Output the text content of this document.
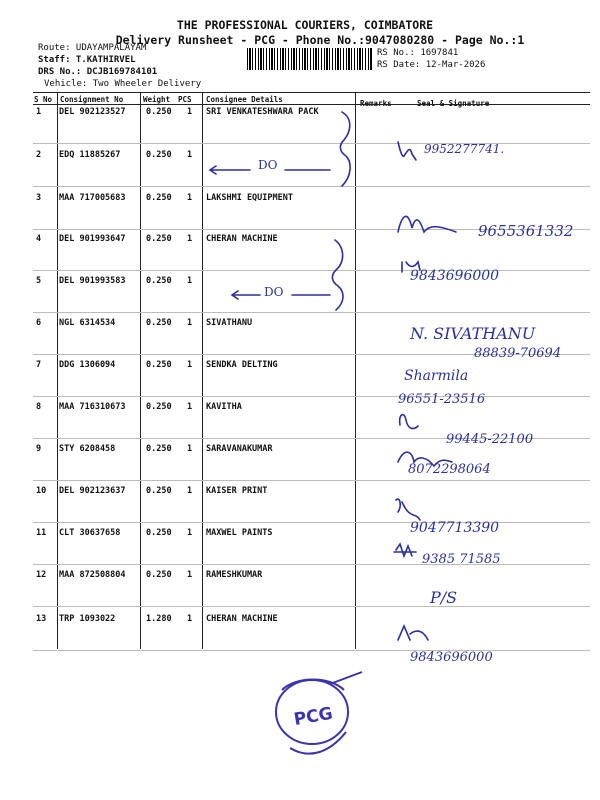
THE PROFESSIONAL COURIERS, COIMBATORE
Delivery Runsheet - PCG - Phone No.:9047080280 - Page No.:1
Route: UDAYAMPALAYAM
Staff: T.KATHIRVEL
DRS No.: DCJB169784101
Vehicle: Two Wheeler Delivery
RS No.: 1697841
RS Date: 12-Mar-2026
S No Consignment No	Weight PCS Consignee Details
1 DEL 902123527 0.250 1 SRI VENKATESHWARA PACK
2 EDQ 11885267	0.250 1
3 MAA 717005683 0.250 1 LAKSHMI EQUIPMENT
4 DEL 901993647 0.250 1 CHERAN MACHINE
5 DEL 901993583 0.250 1
6 NGL 6314534	0.250 1 SIVATHANU
7 DDG 1306094	0.250 1 SENDKA DELTING
8 MAA 716310673 0.250 1 KAVITHA
9 STY 6208458	0.250 1 SARAVANAKUMAR
10 DEL 902123637 0.250 1 KAISER PRINT
11 CLT 30637658	0.250 1 MAXWEL PAINTS
12 MAA 872508804 0.250 1 RAMESHKUMAR
13 TRP 1093022	1.280 1 CHERAN MACHINE
PCG
DO
DO
9952277741.
9655361332
9843696000
N. SIVATHANU
88839-70694
Sharmila
96551-23516
99445-22100
8072298064
9047713390
9385 71585
P/S
9843696000
